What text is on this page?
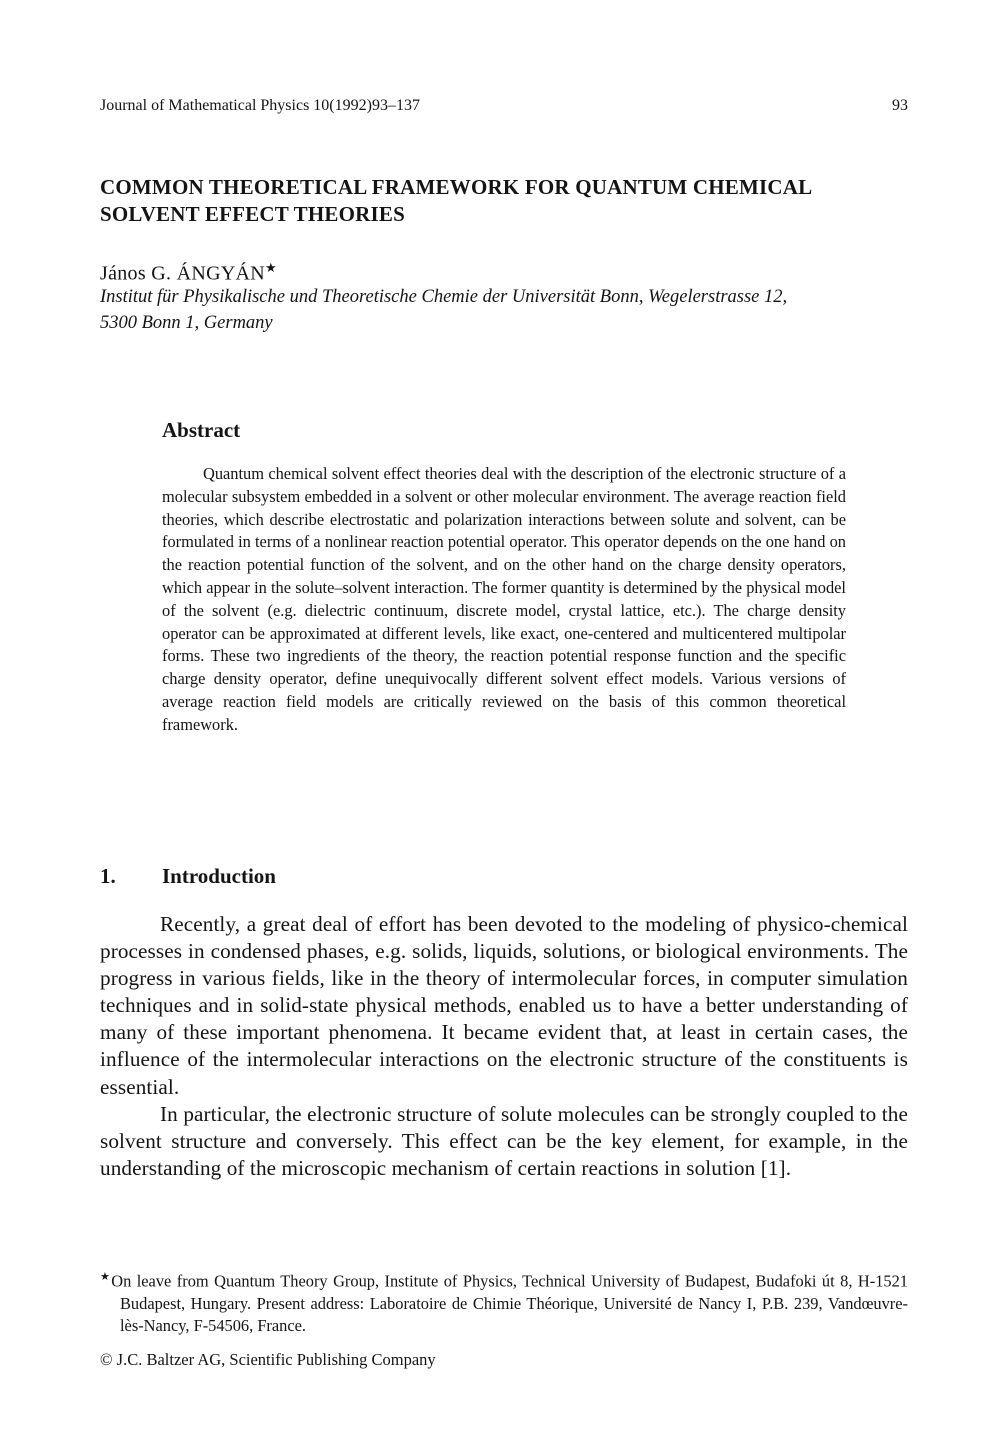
Journal of Mathematical Physics 10(1992)93–137	93
COMMON THEORETICAL FRAMEWORK FOR QUANTUM CHEMICAL
SOLVENT EFFECT THEORIES
János G. ÁNGYÁN★
Institut für Physikalische und Theoretische Chemie der Universität Bonn, Wegelerstrasse 12,
5300 Bonn 1, Germany
Abstract

Quantum chemical solvent effect theories deal with the description of the electronic structure of a molecular subsystem embedded in a solvent or other molecular environment. The average reaction field theories, which describe electrostatic and polarization interactions between solute and solvent, can be formulated in terms of a nonlinear reaction potential operator. This operator depends on the one hand on the reaction potential function of the solvent, and on the other hand on the charge density operators, which appear in the solute–solvent interaction. The former quantity is determined by the physical model of the solvent (e.g. dielectric continuum, discrete model, crystal lattice, etc.). The charge density operator can be approximated at different levels, like exact, one-centered and multicentered multipolar forms. These two ingredients of the theory, the reaction potential response function and the specific charge density operator, define unequivocally different solvent effect models. Various versions of average reaction field models are critically reviewed on the basis of this common theoretical framework.

1. Introduction

Recently, a great deal of effort has been devoted to the modeling of physico-chemical processes in condensed phases, e.g. solids, liquids, solutions, or biological environments. The progress in various fields, like in the theory of intermolecular forces, in computer simulation techniques and in solid-state physical methods, enabled us to have a better understanding of many of these important phenomena. It became evident that, at least in certain cases, the influence of the intermolecular interactions on the electronic structure of the constituents is essential.

In particular, the electronic structure of solute molecules can be strongly coupled to the solvent structure and conversely. This effect can be the key element, for example, in the understanding of the microscopic mechanism of certain reactions in solution [1].

★On leave from Quantum Theory Group, Institute of Physics, Technical University of Budapest, Budafoki út 8, H-1521 Budapest, Hungary. Present address: Laboratoire de Chimie Théorique, Université de Nancy I, P.B. 239, Vandœuvre-lès-Nancy, F-54506, France.

© J.C. Baltzer AG, Scientific Publishing Company
